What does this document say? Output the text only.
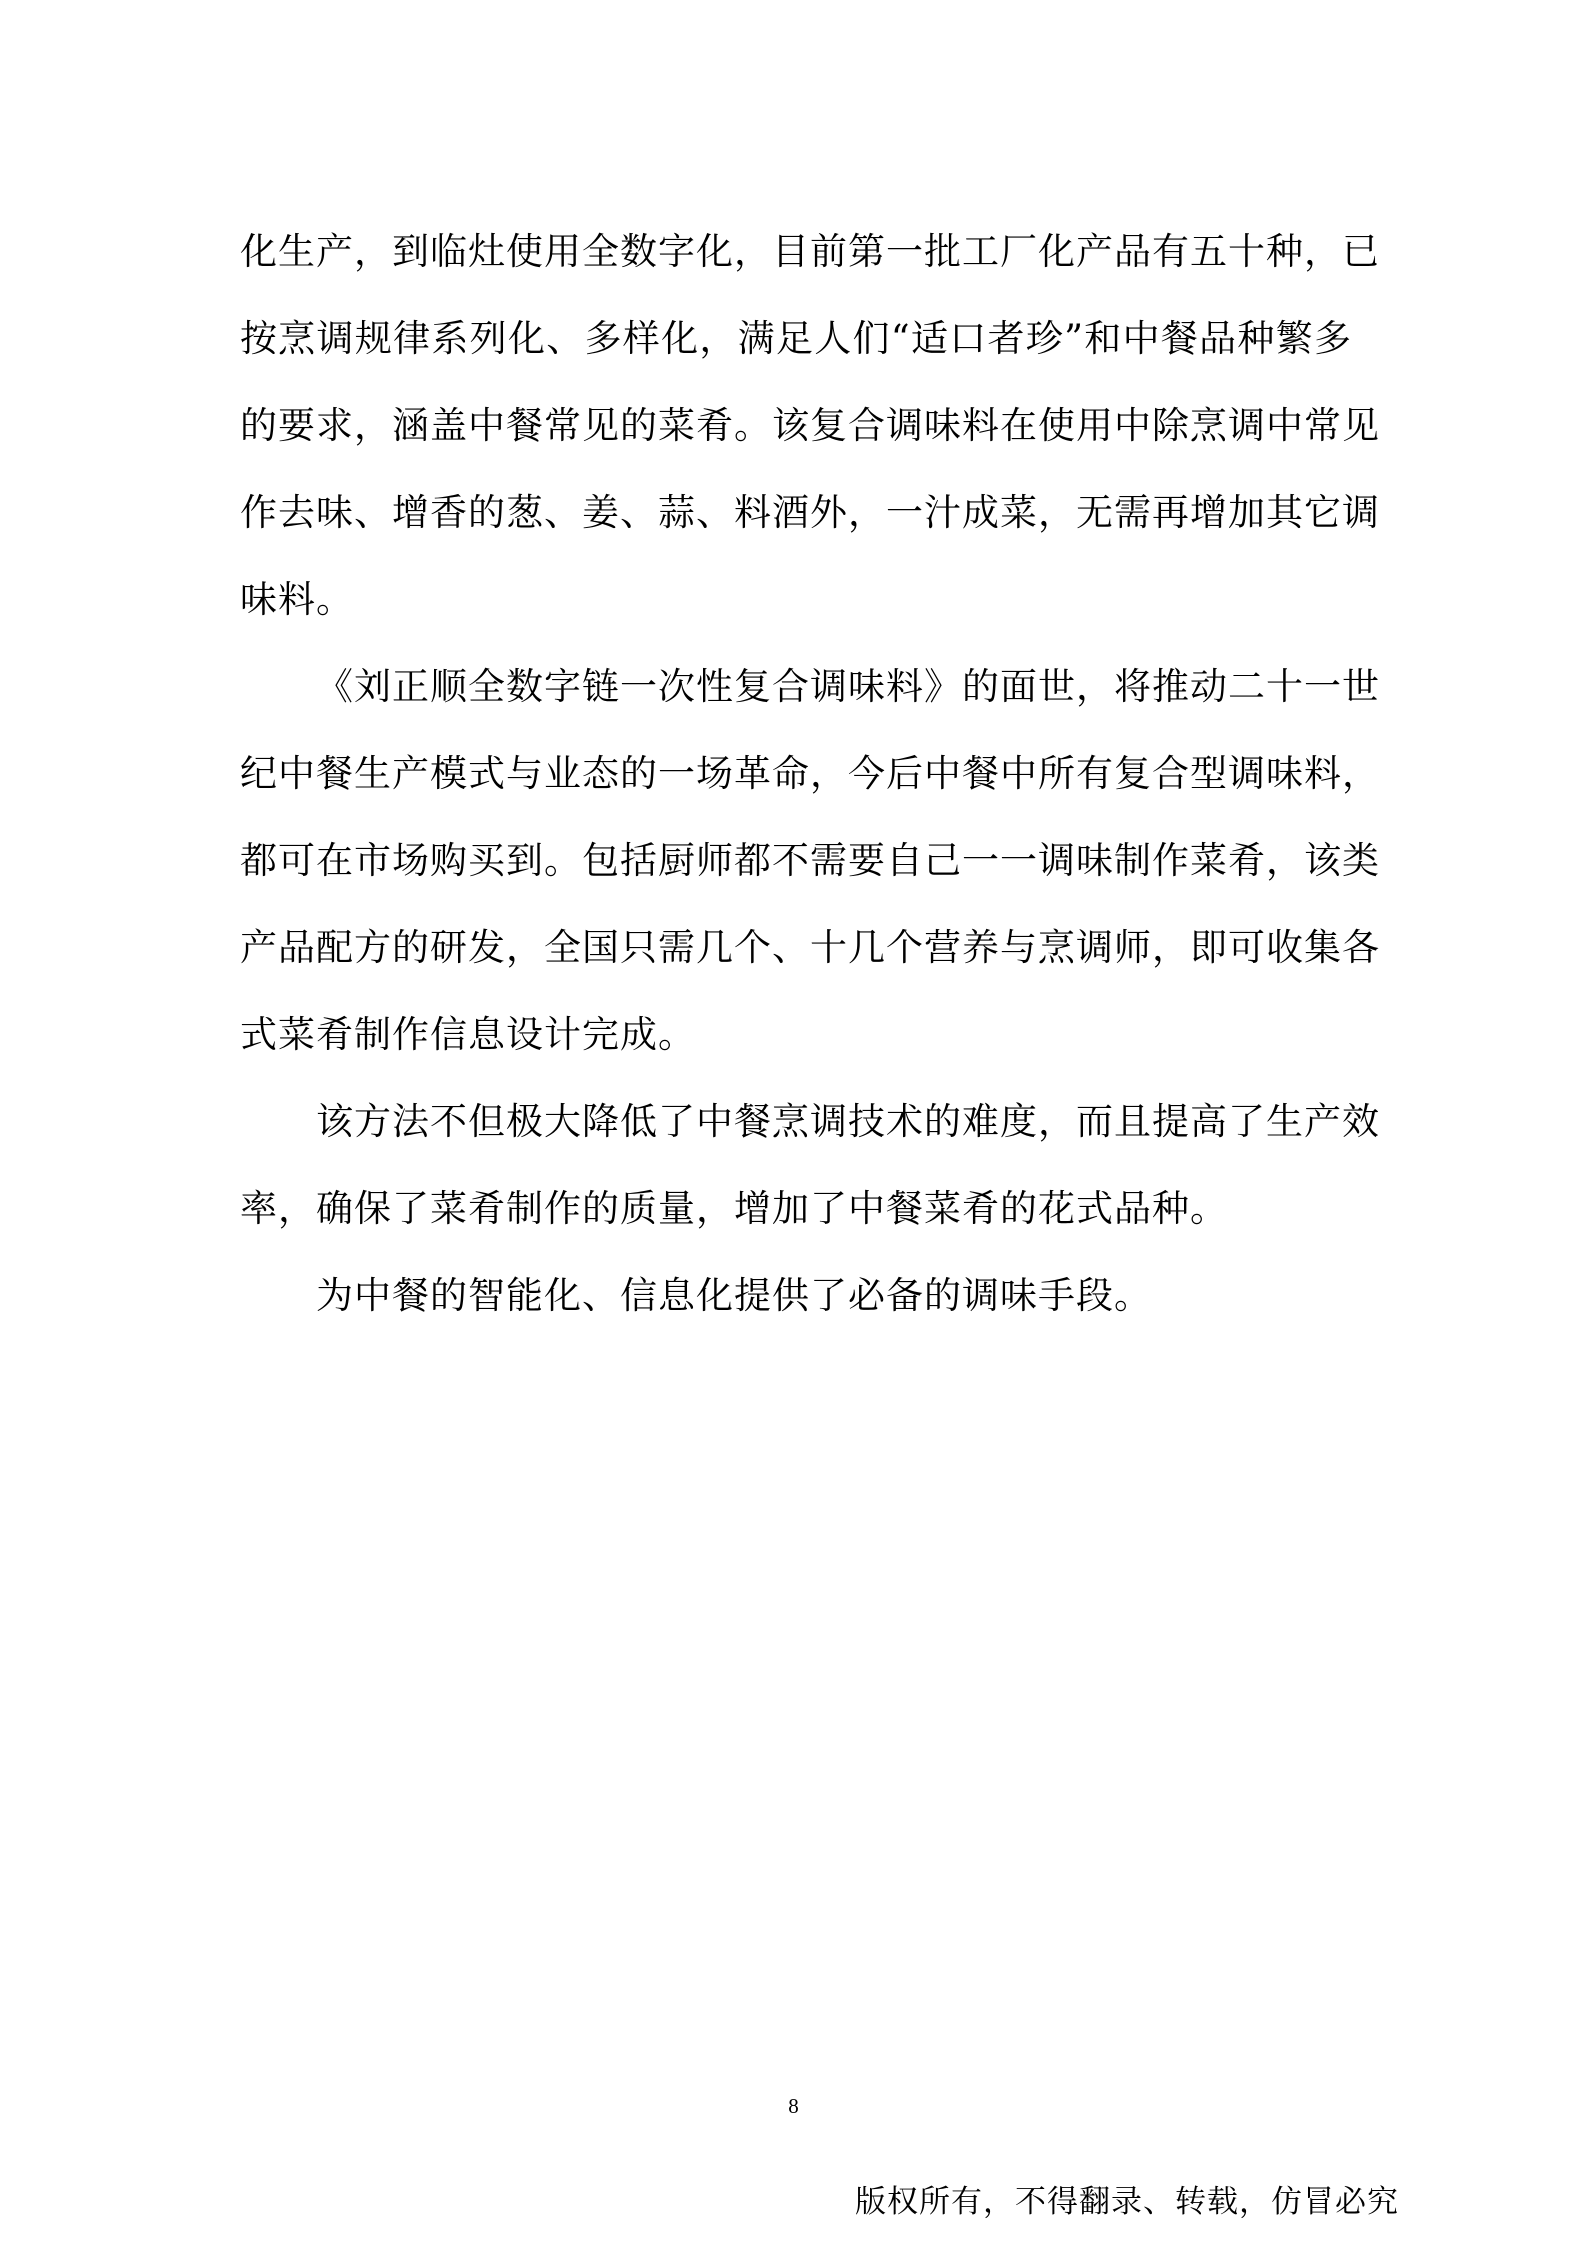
化生产，到临灶使用全数字化，目前第一批工厂化产品有五十种，已
按烹调规律系列化、多样化，满足人们“适口者珍”和中餐品种繁多
的要求，涵盖中餐常见的菜肴。该复合调味料在使用中除烹调中常见
作去味、增香的葱、姜、蒜、料酒外，一汁成菜，无需再增加其它调
味料。
《刘正顺全数字链一次性复合调味料》的面世，将推动二十一世
纪中餐生产模式与业态的一场革命，今后中餐中所有复合型调味料，
都可在市场购买到。包括厨师都不需要自己一一调味制作菜肴，该类
产品配方的研发，全国只需几个、十几个营养与烹调师，即可收集各
式菜肴制作信息设计完成。
该方法不但极大降低了中餐烹调技术的难度，而且提高了生产效
率，确保了菜肴制作的质量，增加了中餐菜肴的花式品种。
为中餐的智能化、信息化提供了必备的调味手段。
8
版权所有，不得翻录、转载，仿冒必究
